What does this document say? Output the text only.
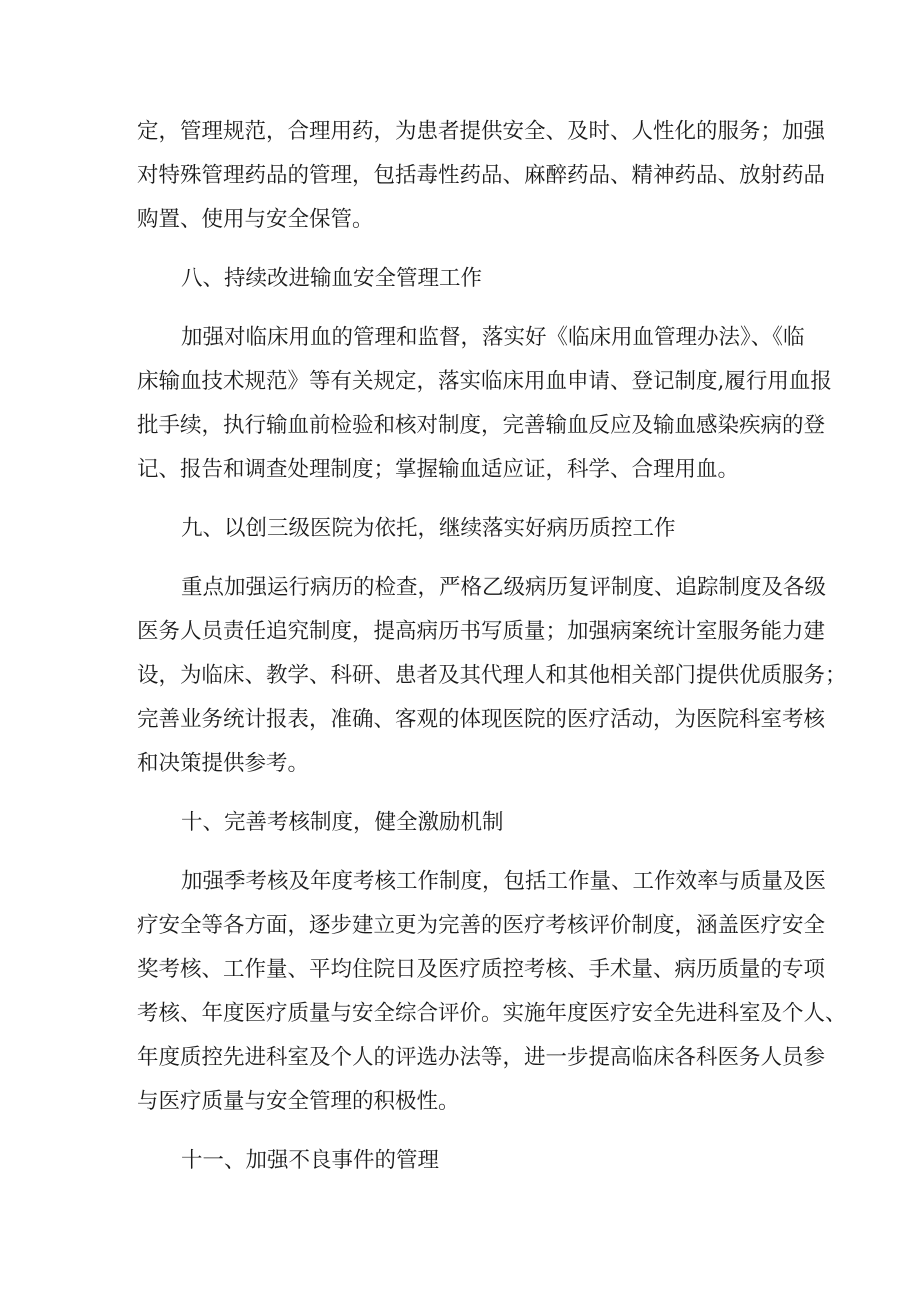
定，管理规范，合理用药，为患者提供安全、及时、人性化的服务；加强

对特殊管理药品的管理，包括毒性药品、麻醉药品、精神药品、放射药品

购置、使用与安全保管。

八、持续改进输血安全管理工作

加强对临床用血的管理和监督，落实好《临床用血管理办法》、《临

床输血技术规范》等有关规定，落实临床用血申请、登记制度,履行用血报

批手续，执行输血前检验和核对制度，完善输血反应及输血感染疾病的登

记、报告和调查处理制度；掌握输血适应证，科学、合理用血。

九、以创三级医院为依托，继续落实好病历质控工作

重点加强运行病历的检查，严格乙级病历复评制度、追踪制度及各级

医务人员责任追究制度，提高病历书写质量；加强病案统计室服务能力建

设，为临床、教学、科研、患者及其代理人和其他相关部门提供优质服务；

完善业务统计报表，准确、客观的体现医院的医疗活动，为医院科室考核

和决策提供参考。

十、完善考核制度，健全激励机制

加强季考核及年度考核工作制度，包括工作量、工作效率与质量及医

疗安全等各方面，逐步建立更为完善的医疗考核评价制度，涵盖医疗安全

奖考核、工作量、平均住院日及医疗质控考核、手术量、病历质量的专项

考核、年度医疗质量与安全综合评价。实施年度医疗安全先进科室及个人、

年度质控先进科室及个人的评选办法等，进一步提高临床各科医务人员参

与医疗质量与安全管理的积极性。

十一、加强不良事件的管理
